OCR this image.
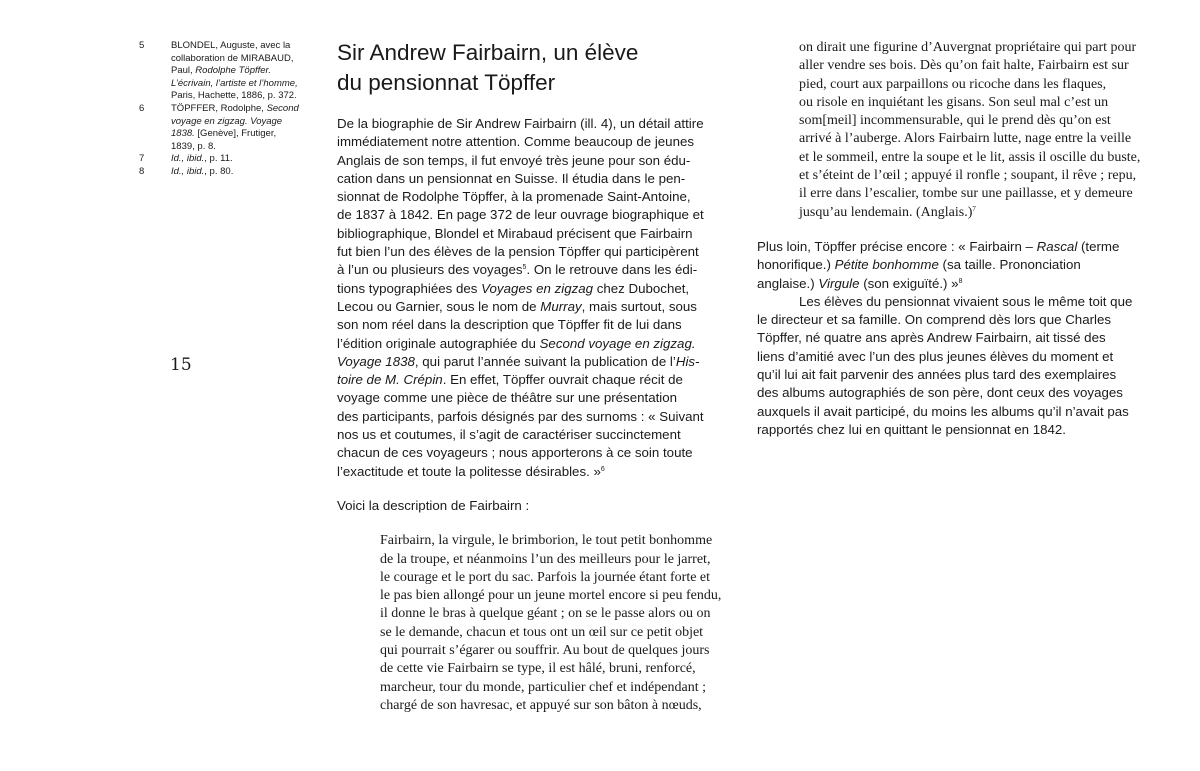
5	BLONDEL, Auguste, avec la
collaboration de MIRABAUD,
Paul, Rodolphe Töpffer.
L’écrivain, l’artiste et l’homme,
Paris, Hachette, 1886, p. 372.
6	TÖPFFER, Rodolphe, Second
voyage en zigzag. Voyage
1838. [Genève], Frutiger,
1839, p. 8.
7	Id., ibid., p. 11.
8	Id., ibid., p. 80.
15
Sir Andrew Fairbairn, un élève
du pensionnat Töpffer
De la biographie de Sir Andrew Fairbairn (ill. 4), un détail attire
immédiatement notre attention. Comme beaucoup de jeunes
Anglais de son temps, il fut envoyé très jeune pour son édu-
cation dans un pensionnat en Suisse. Il étudia dans le pen-
sionnat de Rodolphe Töpffer, à la promenade Saint-Antoine,
de 1837 à 1842. En page 372 de leur ouvrage biographique et
bibliographique, Blondel et Mirabaud précisent que Fairbairn
fut bien l’un des élèves de la pension Töpffer qui participèrent
à l’un ou plusieurs des voyages$^5$. On le retrouve dans les édi-
tions typographiées des Voyages en zigzag chez Dubochet,
Lecou ou Garnier, sous le nom de Murray, mais surtout, sous
son nom réel dans la description que Töpffer fit de lui dans
l’édition originale autographiée du Second voyage en zigzag.
Voyage 1838, qui parut l’année suivant la publication de l’His-
toire de M. Crépin. En effet, Töpffer ouvrait chaque récit de
voyage comme une pièce de théâtre sur une présentation
des participants, parfois désignés par des surnoms : « Suivant
nos us et coutumes, il s’agit de caractériser succinctement
chacun de ces voyageurs ; nous apporterons à ce soin toute
l’exactitude et toute la politesse désirables. »$^6$
Voici la description de Fairbairn :
Fairbairn, la virgule, le brimborion, le tout petit bonhomme
de la troupe, et néanmoins l’un des meilleurs pour le jarret,
le courage et le port du sac. Parfois la journée étant forte et
le pas bien allongé pour un jeune mortel encore si peu fendu,
il donne le bras à quelque géant ; on se le passe alors ou on
se le demande, chacun et tous ont un œil sur ce petit objet
qui pourrait s’égarer ou souffrir. Au bout de quelques jours
de cette vie Fairbairn se type, il est hâlé, bruni, renforcé,
marcheur, tour du monde, particulier chef et indépendant ;
chargé de son havresac, et appuyé sur son bâton à nœuds,
on dirait une figurine d’Auvergnat propriétaire qui part pour
aller vendre ses bois. Dès qu’on fait halte, Fairbairn est sur
pied, court aux parpaillons ou ricoche dans les flaques,
ou risole en inquiétant les gisans. Son seul mal c’est un
som[meil] incommensurable, qui le prend dès qu’on est
arrivé à l’auberge. Alors Fairbairn lutte, nage entre la veille
et le sommeil, entre la soupe et le lit, assis il oscille du buste,
et s’éteint de l’œil ; appuyé il ronfle ; soupant, il rêve ; repu,
il erre dans l’escalier, tombe sur une paillasse, et y demeure
jusqu’au lendemain. (Anglais.)$^7$
Plus loin, Töpffer précise encore : « Fairbairn – Rascal (terme
honorifique.) Pétite bonhomme (sa taille. Prononciation
anglaise.) Virgule (son exiguïté.) »$^8$
Les élèves du pensionnat vivaient sous le même toit que
le directeur et sa famille. On comprend dès lors que Charles
Töpffer, né quatre ans après Andrew Fairbairn, ait tissé des
liens d’amitié avec l’un des plus jeunes élèves du moment et
qu’il lui ait fait parvenir des années plus tard des exemplaires
des albums autographiés de son père, dont ceux des voyages
auxquels il avait participé, du moins les albums qu’il n’avait pas
rapportés chez lui en quittant le pensionnat en 1842.
